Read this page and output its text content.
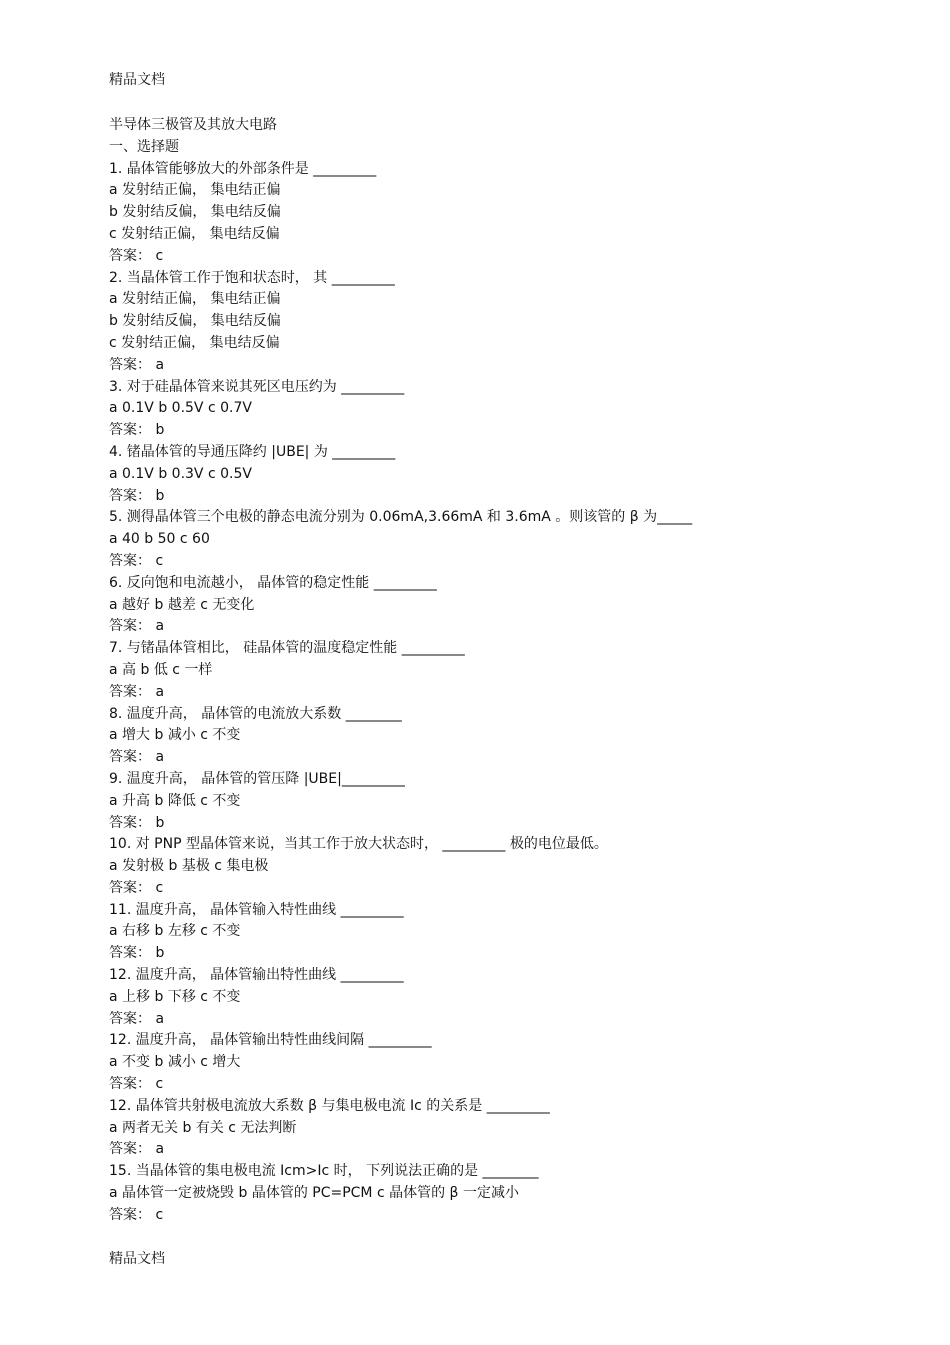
精品文档
半导体三极管及其放大电路
一、选择题
1. 晶体管能够放大的外部条件是 _________
a 发射结正偏， 集电结正偏
b 发射结反偏， 集电结反偏
c 发射结正偏， 集电结反偏
答案： c
2. 当晶体管工作于饱和状态时， 其 _________
a 发射结正偏， 集电结正偏
b 发射结反偏， 集电结反偏
c 发射结正偏， 集电结反偏
答案： a
3. 对于硅晶体管来说其死区电压约为 _________
a 0.1V b 0.5V c 0.7V
答案： b
4. 锗晶体管的导通压降约 |UBE| 为 _________
a 0.1V b 0.3V c 0.5V
答案： b
5. 测得晶体管三个电极的静态电流分别为 0.06mA,3.66mA 和 3.6mA 。则该管的 β 为_____
a 40 b 50 c 60
答案： c
6. 反向饱和电流越小， 晶体管的稳定性能 _________
a 越好 b 越差 c 无变化
答案： a
7. 与锗晶体管相比， 硅晶体管的温度稳定性能 _________
a 高 b 低 c 一样
答案： a
8. 温度升高， 晶体管的电流放大系数 ________
a 增大 b 减小 c 不变
答案： a
9. 温度升高， 晶体管的管压降 |UBE|_________
a 升高 b 降低 c 不变
答案： b
10. 对 PNP 型晶体管来说，当其工作于放大状态时， _________ 极的电位最低。
a 发射极 b 基极 c 集电极
答案： c
11. 温度升高， 晶体管输入特性曲线 _________
a 右移 b 左移 c 不变
答案： b
12. 温度升高， 晶体管输出特性曲线 _________
a 上移 b 下移 c 不变
答案： a
12. 温度升高， 晶体管输出特性曲线间隔 _________
a 不变 b 减小 c 增大
答案： c
12. 晶体管共射极电流放大系数 β 与集电极电流 Ic 的关系是 _________
a 两者无关 b 有关 c 无法判断
答案： a
15. 当晶体管的集电极电流 Icm>Ic 时， 下列说法正确的是 ________
a 晶体管一定被烧毁 b 晶体管的 PC=PCM c 晶体管的 β 一定减小
答案： c
精品文档
